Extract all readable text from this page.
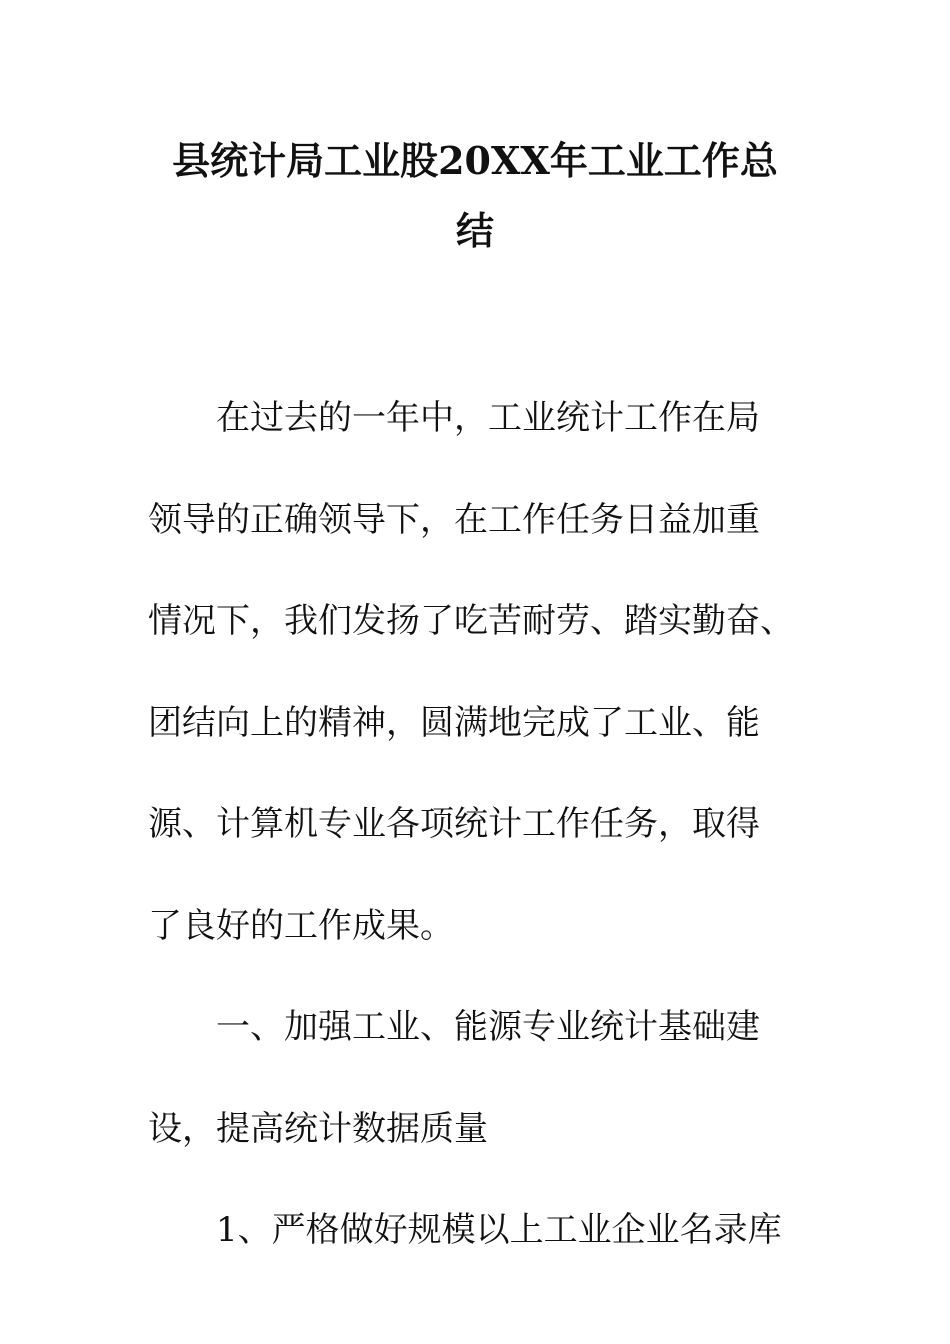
县统计局工业股20XX年工业工作总
结
在过去的一年中，工业统计工作在局
领导的正确领导下，在工作任务日益加重
情况下，我们发扬了吃苦耐劳、踏实勤奋、
团结向上的精神，圆满地完成了工业、能
源、计算机专业各项统计工作任务，取得
了良好的工作成果。
一、加强工业、能源专业统计基础建
设，提高统计数据质量
1、严格做好规模以上工业企业名录库
